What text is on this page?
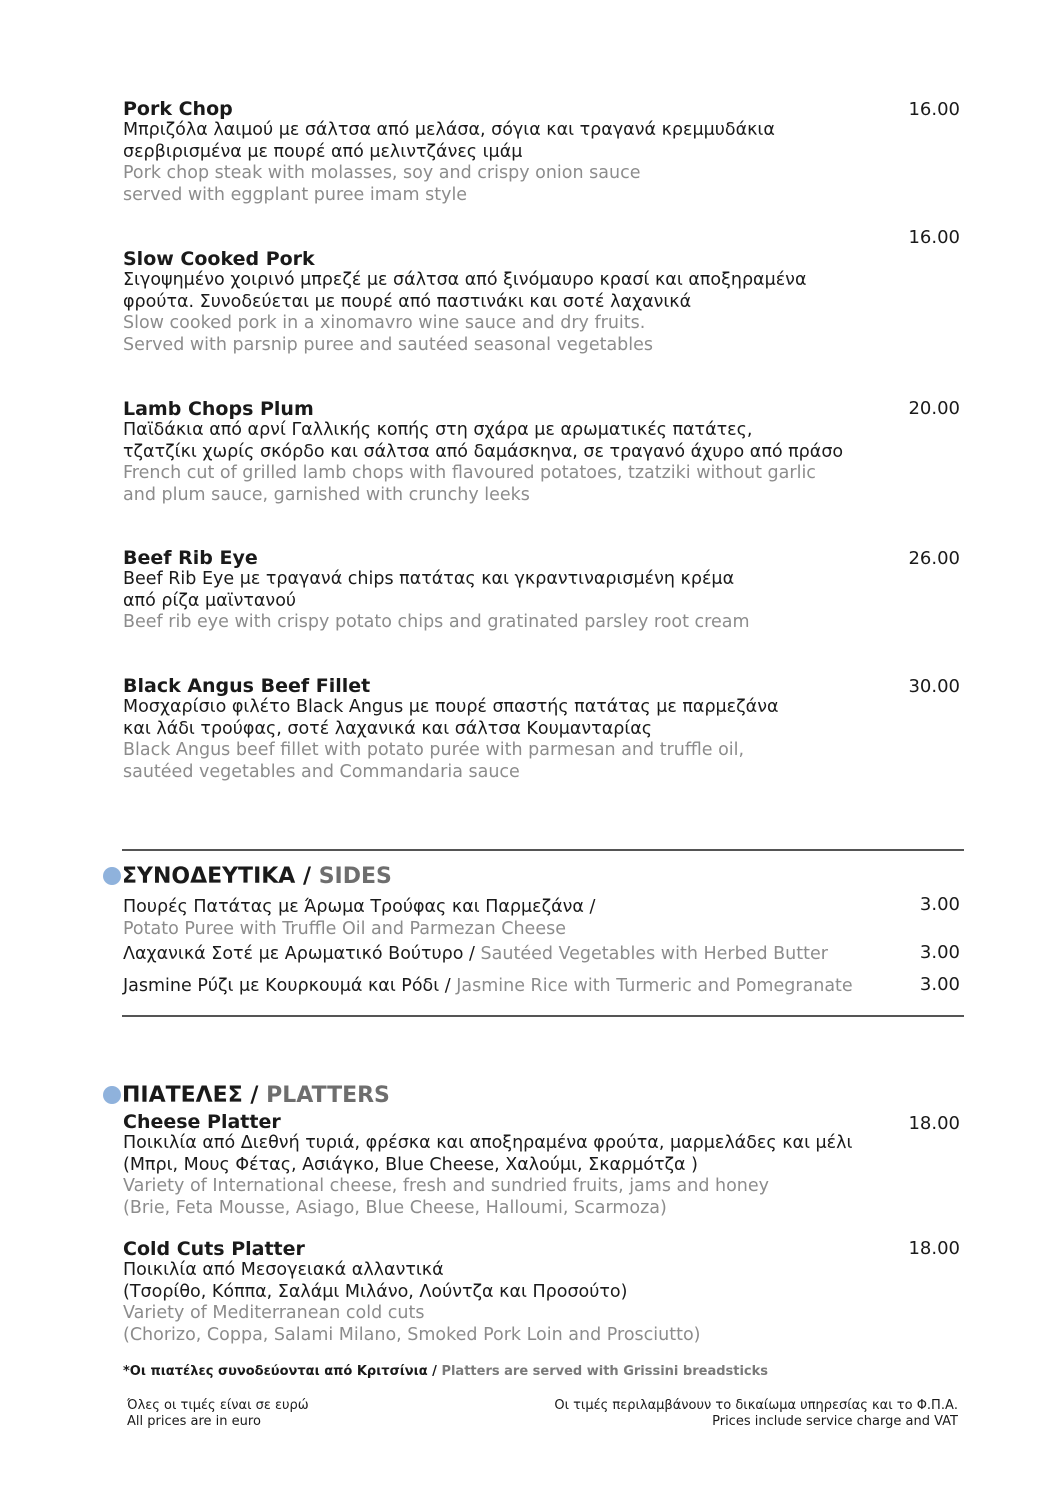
Pork Chop
Μπριζόλα λαιμού με σάλτσα από μελάσα, σόγια και τραγανά κρεμμυδάκια
σερβιρισμένα με πουρέ από μελιντζάνες ιμάμ
Pork chop steak with molasses, soy and crispy onion sauce
served with eggplant puree imam style
16.00
Slow Cooked Pork
Σιγοψημένο χοιρινό μπρεζέ με σάλτσα από ξινόμαυρο κρασί και αποξηραμένα
φρούτα. Συνοδεύεται με πουρέ από παστινάκι και σοτέ λαχανικά
Slow cooked pork in a xinomavro wine sauce and dry fruits.
Served with parsnip puree and sautéed seasonal vegetables
16.00
Lamb Chops Plum
Παϊδάκια από αρνί Γαλλικής κοπής στη σχάρα με αρωματικές πατάτες,
τζατζίκι χωρίς σκόρδο και σάλτσα από δαμάσκηνα, σε τραγανό άχυρο από πράσο
French cut of grilled lamb chops with flavoured potatoes, tzatziki without garlic
and plum sauce, garnished with crunchy leeks
20.00
Beef Rib Eye
Beef Rib Eye με τραγανά chips πατάτας και γκραντιναρισμένη κρέμα
από ρίζα μαϊντανού
Beef rib eye with crispy potato chips and gratinated parsley root cream
26.00
Black Angus Beef Fillet
Μοσχαρίσιο φιλέτο Black Angus με πουρέ σπαστής πατάτας με παρμεζάνα
και λάδι τρούφας, σοτέ λαχανικά και σάλτσα Κουμανταρίας
Black Angus beef fillet with potato purée with parmesan and truffle oil,
sautéed vegetables and Commandaria sauce
30.00
ΣΥΝΟΔΕΥΤΙΚΑ / SIDES
Πουρές Πατάτας με Άρωμα Τρούφας και Παρμεζάνα /
Potato Puree with Truffle Oil and Parmezan Cheese
3.00
Λαχανικά Σοτέ με Αρωματικό Βούτυρο / Sautéed Vegetables with Herbed Butter	3.00
Jasmine Ρύζι με Κουρκουμά και Ρόδι / Jasmine Rice with Turmeric and Pomegranate	3.00
ΠΙΑΤΕΛΕΣ / PLATTERS
Cheese Platter
Ποικιλία από Διεθνή τυριά, φρέσκα και αποξηραμένα φρούτα, μαρμελάδες και μέλι
(Μπρι, Μους Φέτας, Ασιάγκο, Blue Cheese, Χαλούμι, Σκαρμότζα )
Variety of International cheese, fresh and sundried fruits, jams and honey
(Brie, Feta Mousse, Asiago, Blue Cheese, Halloumi, Scarmoza)
18.00
Cold Cuts Platter
Ποικιλία από Μεσογειακά αλλαντικά
(Τσορίθο, Κόππα, Σαλάμι Μιλάνο, Λούντζα και Προσούτο)
Variety of Mediterranean cold cuts
(Chorizo, Coppa, Salami Milano, Smoked Pork Loin and Prosciutto)
18.00
*Οι πιατέλες συνοδεύονται από Κριτσίνια / Platters are served with Grissini breadsticks
Όλες οι τιμές είναι σε ευρώ
All prices are in euro
Οι τιμές περιλαμβάνουν το δικαίωμα υπηρεσίας και το Φ.Π.Α.
Prices include service charge and VAT
